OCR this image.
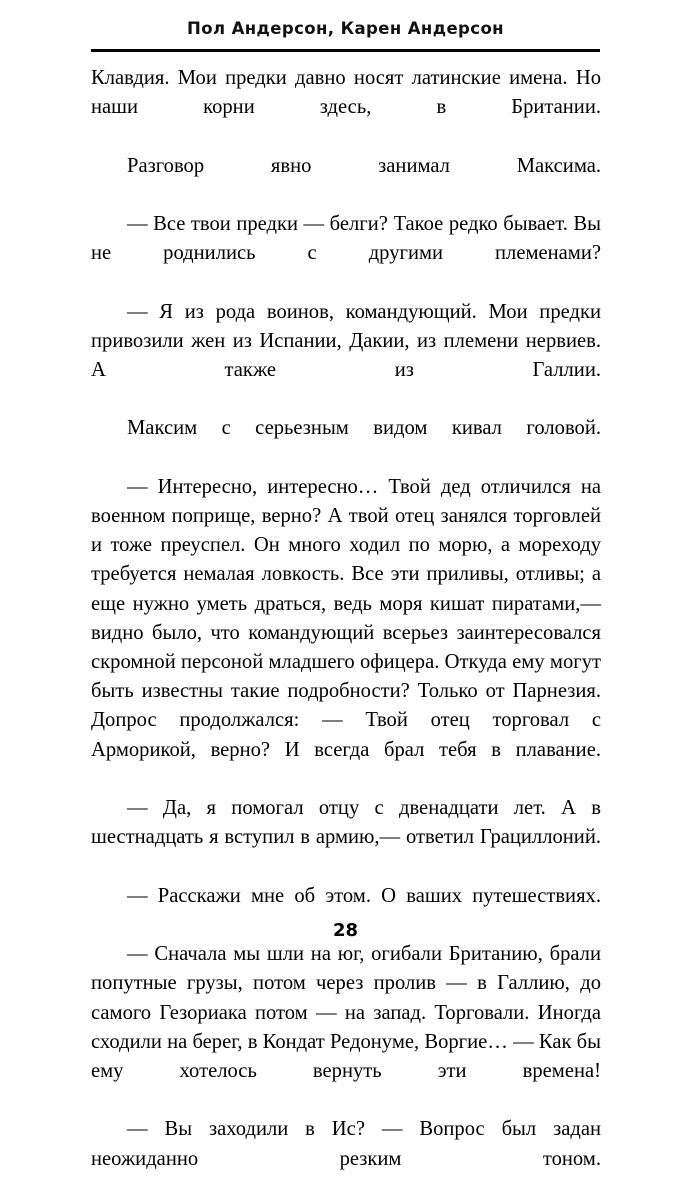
Пол Андерсон, Карен Андерсон

Клавдия. Мои предки давно носят латинские имена. Но наши корни здесь, в Британии.

Разговор явно занимал Максима.

— Все твои предки — белги? Такое редко бывает. Вы не роднились с другими племенами?

— Я из рода воинов, командующий. Мои предки привозили жен из Испании, Дакии, из племени нервиев. А также из Галлии.

Максим с серьезным видом кивал головой.

— Интересно, интересно… Твой дед отличился на военном поприще, верно? А твой отец занялся торговлей и тоже преуспел. Он много ходил по морю, а мореходу требуется немалая ловкость. Все эти приливы, отливы; а еще нужно уметь драться, ведь моря кишат пиратами,— видно было, что командующий всерьез заинтересовался скромной персоной младшего офицера. Откуда ему могут быть известны такие подробности? Только от Парнезия. Допрос продолжался: — Твой отец торговал с Арморикой, верно? И всегда брал тебя в плавание.

— Да, я помогал отцу с двенадцати лет. А в шестнадцать я вступил в армию,— ответил Грациллоний.

— Расскажи мне об этом. О ваших путешествиях.

— Сначала мы шли на юг, огибали Британию, брали попутные грузы, потом через пролив — в Галлию, до самого Гезориака потом — на запад. Торговали. Иногда сходили на берег, в Кондат Редонуме, Воргие… — Как бы ему хотелось вернуть эти времена!

— Вы заходили в Ис? — Вопрос был задан неожиданно резким тоном.

28
